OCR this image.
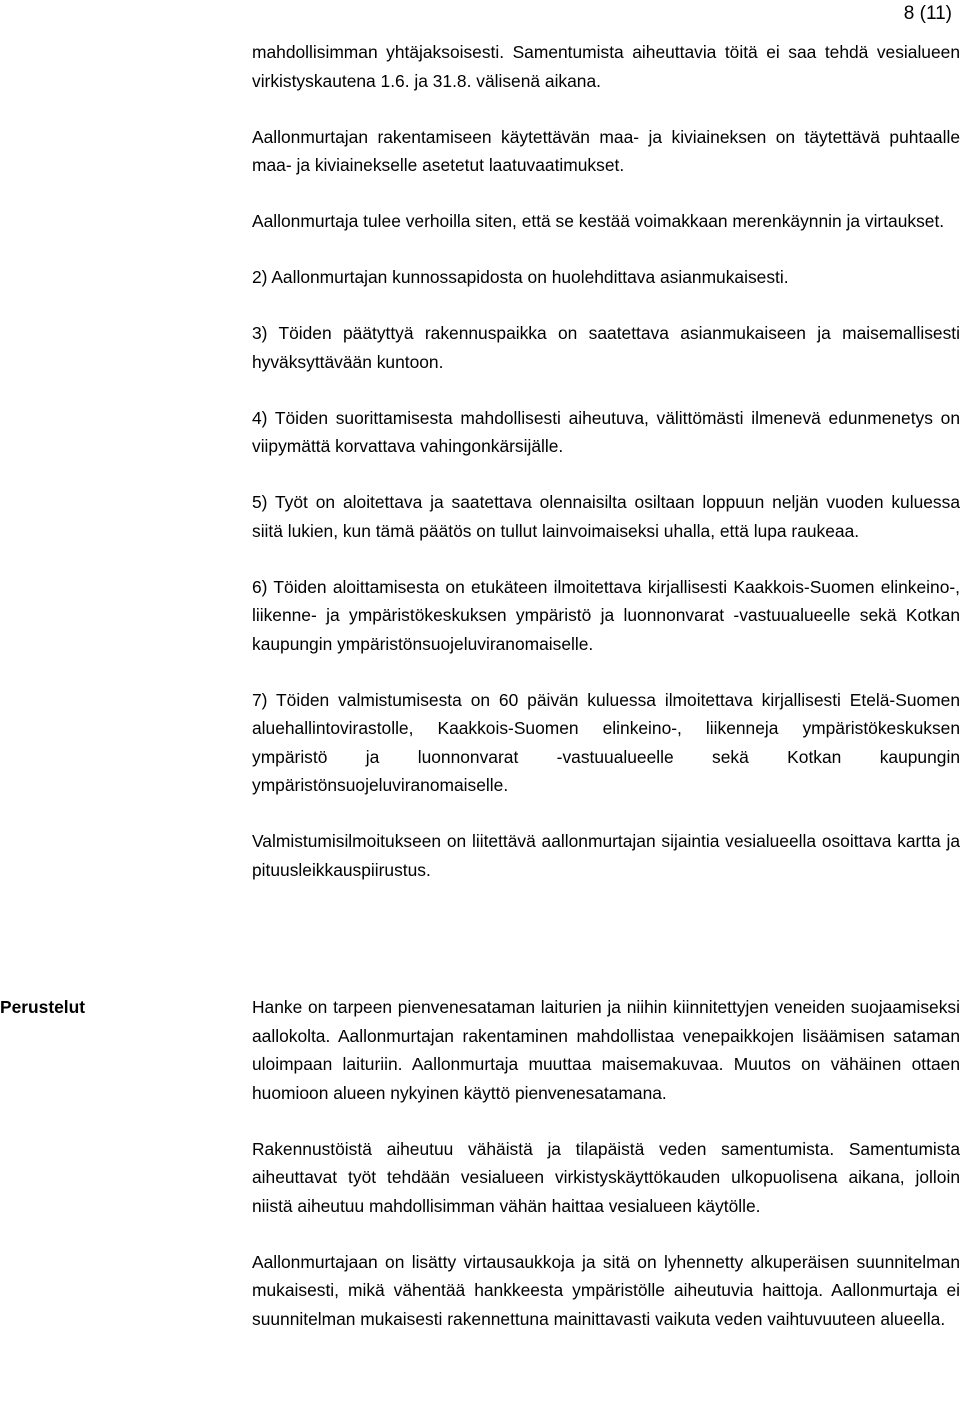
8 (11)

mahdollisimman yhtäjaksoisesti. Samentumista aiheuttavia töitä ei saa tehdä vesialueen virkistyskautena 1.6. ja 31.8. välisenä aikana.

Aallonmurtajan rakentamiseen käytettävän maa- ja kiviaineksen on täytettävä puhtaalle maa- ja kiviainekselle asetetut laatuvaatimukset.

Aallonmurtaja tulee verhoilla siten, että se kestää voimakkaan merenkäynnin ja virtaukset.

2) Aallonmurtajan kunnossapidosta on huolehdittava asianmukaisesti.

3) Töiden päätyttyä rakennuspaikka on saatettava asianmukaiseen ja maisemallisesti hyväksyttävään kuntoon.

4) Töiden suorittamisesta mahdollisesti aiheutuva, välittömästi ilmenevä edunmenetys on viipymättä korvattava vahingonkärsijälle.

5) Työt on aloitettava ja saatettava olennaisilta osiltaan loppuun neljän vuoden kuluessa siitä lukien, kun tämä päätös on tullut lainvoimaiseksi uhalla, että lupa raukeaa.

6) Töiden aloittamisesta on etukäteen ilmoitettava kirjallisesti Kaakkois-Suomen elinkeino-, liikenne- ja ympäristökeskuksen ympäristö ja luonnonvarat -vastuualueelle sekä Kotkan kaupungin ympäristönsuojeluviranomaiselle.

7) Töiden valmistumisesta on 60 päivän kuluessa ilmoitettava kirjallisesti Etelä-Suomen aluehallintovirastolle, Kaakkois-Suomen elinkeino-, liikenneja ympäristökeskuksen ympäristö ja luonnonvarat -vastuualueelle sekä Kotkan kaupungin ympäristönsuojeluviranomaiselle.

Valmistumisilmoitukseen on liitettävä aallonmurtajan sijaintia vesialueella osoittava kartta ja pituusleikkauspiirustus.

Perustelut	Hanke on tarpeen pienvenesataman laiturien ja niihin kiinnitettyjen veneiden suojaamiseksi aallokolta. Aallonmurtajan rakentaminen mahdollistaa venepaikkojen lisäämisen sataman uloimpaan laituriin. Aallonmurtaja muuttaa maisemakuvaa. Muutos on vähäinen ottaen huomioon alueen nykyinen käyttö pienvenesatamana.

Rakennustöistä aiheutuu vähäistä ja tilapäistä veden samentumista. Samentumista aiheuttavat työt tehdään vesialueen virkistyskäyttökauden ulkopuolisena aikana, jolloin niistä aiheutuu mahdollisimman vähän haittaa vesialueen käytölle.

Aallonmurtajaan on lisätty virtausaukkoja ja sitä on lyhennetty alkuperäisen suunnitelman mukaisesti, mikä vähentää hankkeesta ympäristölle aiheutuvia haittoja. Aallonmurtaja ei suunnitelman mukaisesti rakennettuna mainittavasti vaikuta veden vaihtuvuuteen alueella.
